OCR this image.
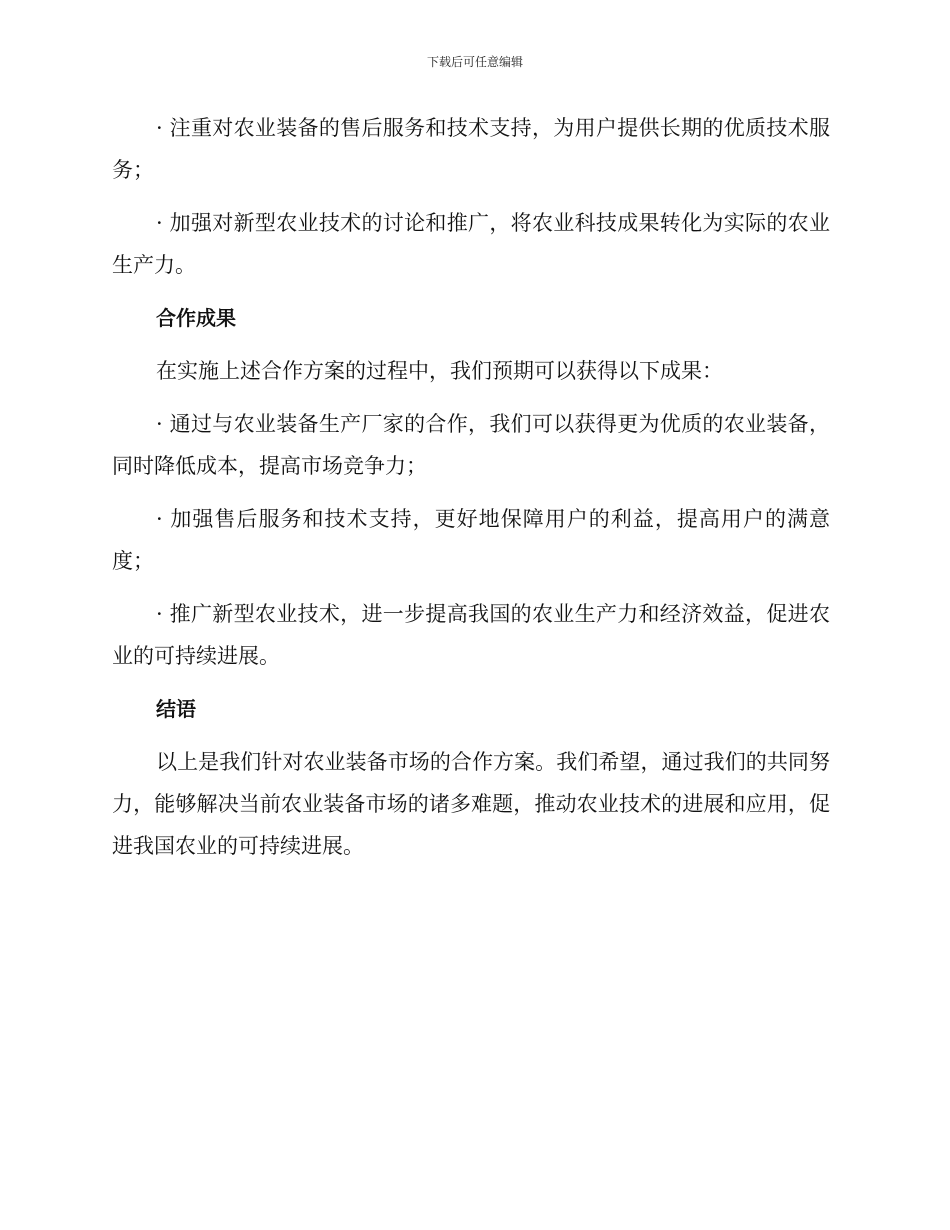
下载后可任意编辑

· 注重对农业装备的售后服务和技术支持，为用户提供长期的优质技术服务；

· 加强对新型农业技术的讨论和推广，将农业科技成果转化为实际的农业生产力。

合作成果

在实施上述合作方案的过程中，我们预期可以获得以下成果：

· 通过与农业装备生产厂家的合作，我们可以获得更为优质的农业装备，同时降低成本，提高市场竞争力；

· 加强售后服务和技术支持，更好地保障用户的利益，提高用户的满意度；

· 推广新型农业技术，进一步提高我国的农业生产力和经济效益，促进农业的可持续进展。

结语

以上是我们针对农业装备市场的合作方案。我们希望，通过我们的共同努力，能够解决当前农业装备市场的诸多难题，推动农业技术的进展和应用，促进我国农业的可持续进展。
